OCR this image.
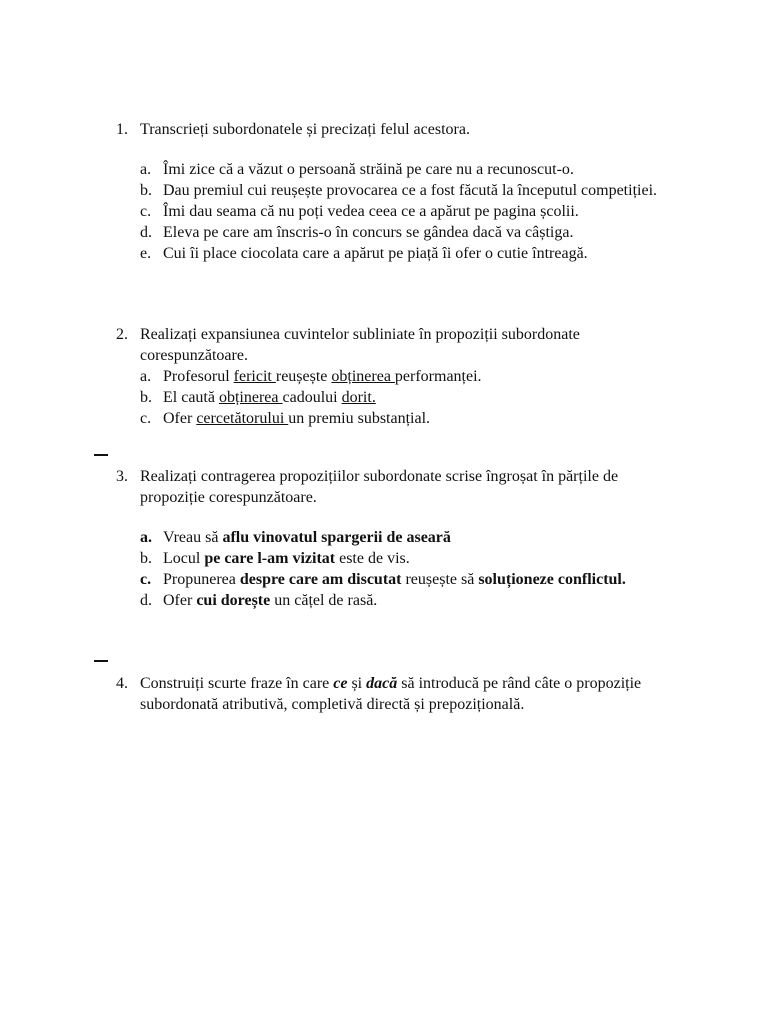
1. Transcrieți subordonatele și precizați felul acestora.
a. Îmi zice că a văzut o persoană străină pe care nu a recunoscut-o.
b. Dau premiul cui reușește provocarea ce a fost făcută la începutul competiției.
c. Îmi dau seama că nu poți vedea ceea ce a apărut pe pagina școlii.
d. Eleva pe care am înscris-o în concurs se gândea dacă va câștiga.
e. Cui îi place ciocolata care a apărut pe piață îi ofer o cutie întreagă.
2. Realizați expansiunea cuvintelor subliniate în propoziții subordonate corespunzătoare.
a. Profesorul fericit reușește obținerea performanței.
b. El caută obținerea cadoului dorit.
c. Ofer cercetătorului un premiu substanțial.
3. Realizați contragerea propozițiilor subordonate scrise îngroșat în părțile de propoziție corespunzătoare.
a. Vreau să aflu vinovatul spargerii de aseară
b. Locul pe care l-am vizitat este de vis.
c. Propunerea despre care am discutat reușește să soluționeze conflictul.
d. Ofer cui dorește un cățel de rasă.
4. Construiți scurte fraze în care ce și dacă să introducă pe rând câte o propoziție subordonată atributivă, completivă directă și prepozițională.
